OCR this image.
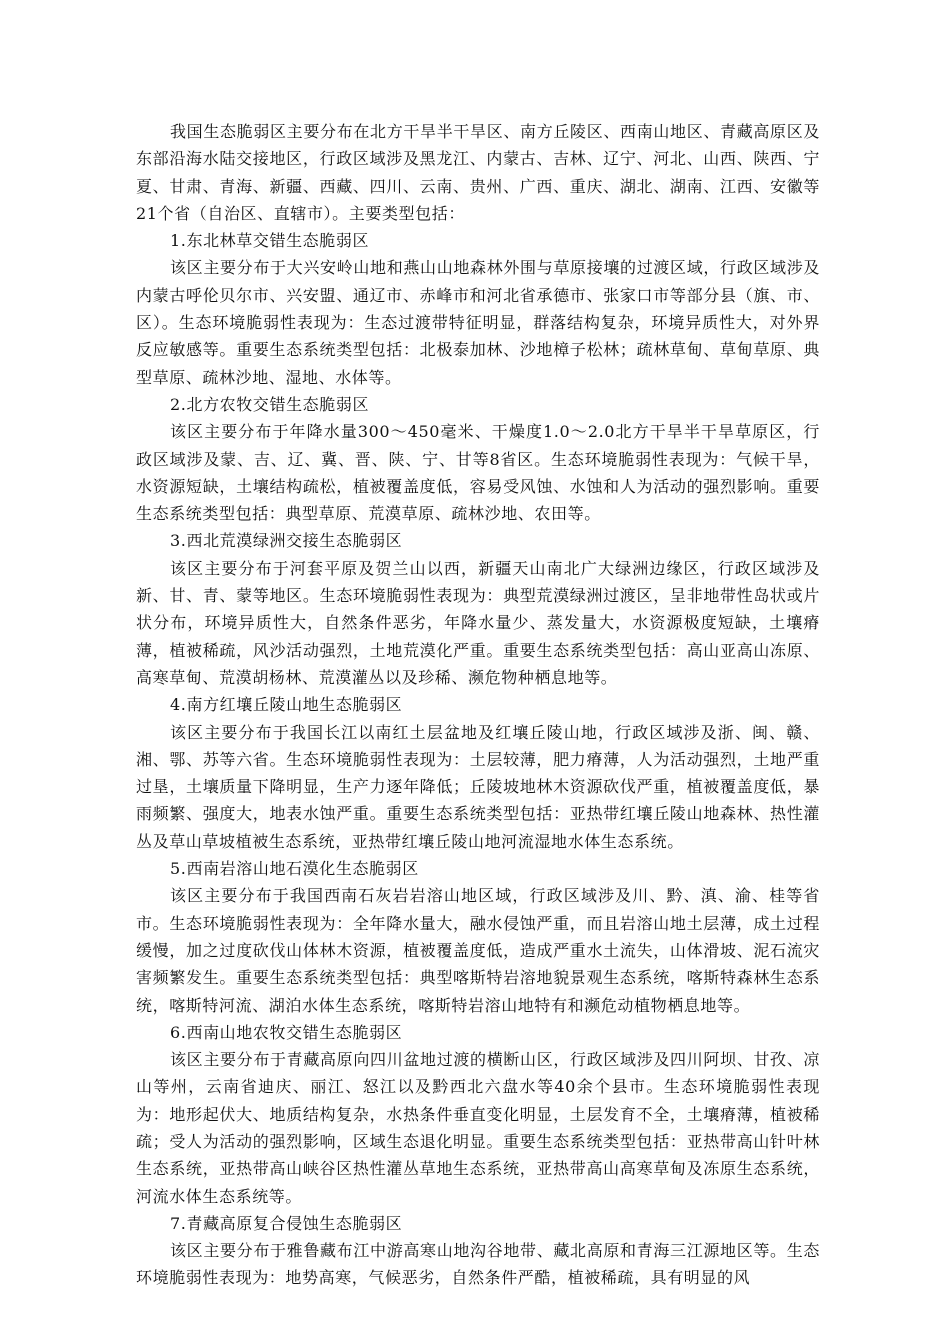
我国生态脆弱区主要分布在北方干旱半干旱区、南方丘陵区、西南山地区、青藏高原区及东部沿海水陆交接地区，行政区域涉及黑龙江、内蒙古、吉林、辽宁、河北、山西、陕西、宁夏、甘肃、青海、新疆、西藏、四川、云南、贵州、广西、重庆、湖北、湖南、江西、安徽等21个省（自治区、直辖市）。主要类型包括：

1.东北林草交错生态脆弱区

该区主要分布于大兴安岭山地和燕山山地森林外围与草原接壤的过渡区域，行政区域涉及内蒙古呼伦贝尔市、兴安盟、通辽市、赤峰市和河北省承德市、张家口市等部分县（旗、市、区）。生态环境脆弱性表现为：生态过渡带特征明显，群落结构复杂，环境异质性大，对外界反应敏感等。重要生态系统类型包括：北极泰加林、沙地樟子松林；疏林草甸、草甸草原、典型草原、疏林沙地、湿地、水体等。

2.北方农牧交错生态脆弱区

该区主要分布于年降水量300～450毫米、干燥度1.0～2.0北方干旱半干旱草原区，行政区域涉及蒙、吉、辽、冀、晋、陕、宁、甘等8省区。生态环境脆弱性表现为：气候干旱，水资源短缺，土壤结构疏松，植被覆盖度低，容易受风蚀、水蚀和人为活动的强烈影响。重要生态系统类型包括：典型草原、荒漠草原、疏林沙地、农田等。

3.西北荒漠绿洲交接生态脆弱区

该区主要分布于河套平原及贺兰山以西，新疆天山南北广大绿洲边缘区，行政区域涉及新、甘、青、蒙等地区。生态环境脆弱性表现为：典型荒漠绿洲过渡区，呈非地带性岛状或片状分布，环境异质性大，自然条件恶劣，年降水量少、蒸发量大，水资源极度短缺，土壤瘠薄，植被稀疏，风沙活动强烈，土地荒漠化严重。重要生态系统类型包括：高山亚高山冻原、高寒草甸、荒漠胡杨林、荒漠灌丛以及珍稀、濒危物种栖息地等。

4.南方红壤丘陵山地生态脆弱区

该区主要分布于我国长江以南红土层盆地及红壤丘陵山地，行政区域涉及浙、闽、赣、湘、鄂、苏等六省。生态环境脆弱性表现为：土层较薄，肥力瘠薄，人为活动强烈，土地严重过垦，土壤质量下降明显，生产力逐年降低；丘陵坡地林木资源砍伐严重，植被覆盖度低，暴雨频繁、强度大，地表水蚀严重。重要生态系统类型包括：亚热带红壤丘陵山地森林、热性灌丛及草山草坡植被生态系统，亚热带红壤丘陵山地河流湿地水体生态系统。

5.西南岩溶山地石漠化生态脆弱区

该区主要分布于我国西南石灰岩岩溶山地区域，行政区域涉及川、黔、滇、渝、桂等省市。生态环境脆弱性表现为：全年降水量大，融水侵蚀严重，而且岩溶山地土层薄，成土过程缓慢，加之过度砍伐山体林木资源，植被覆盖度低，造成严重水土流失，山体滑坡、泥石流灾害频繁发生。重要生态系统类型包括：典型喀斯特岩溶地貌景观生态系统，喀斯特森林生态系统，喀斯特河流、湖泊水体生态系统，喀斯特岩溶山地特有和濒危动植物栖息地等。

6.西南山地农牧交错生态脆弱区

该区主要分布于青藏高原向四川盆地过渡的横断山区，行政区域涉及四川阿坝、甘孜、凉山等州，云南省迪庆、丽江、怒江以及黔西北六盘水等40余个县市。生态环境脆弱性表现为：地形起伏大、地质结构复杂，水热条件垂直变化明显，土层发育不全，土壤瘠薄，植被稀疏；受人为活动的强烈影响，区域生态退化明显。重要生态系统类型包括：亚热带高山针叶林生态系统，亚热带高山峡谷区热性灌丛草地生态系统，亚热带高山高寒草甸及冻原生态系统，河流水体生态系统等。

7.青藏高原复合侵蚀生态脆弱区

该区主要分布于雅鲁藏布江中游高寒山地沟谷地带、藏北高原和青海三江源地区等。生态环境脆弱性表现为：地势高寒，气候恶劣，自然条件严酷，植被稀疏，具有明显的风
